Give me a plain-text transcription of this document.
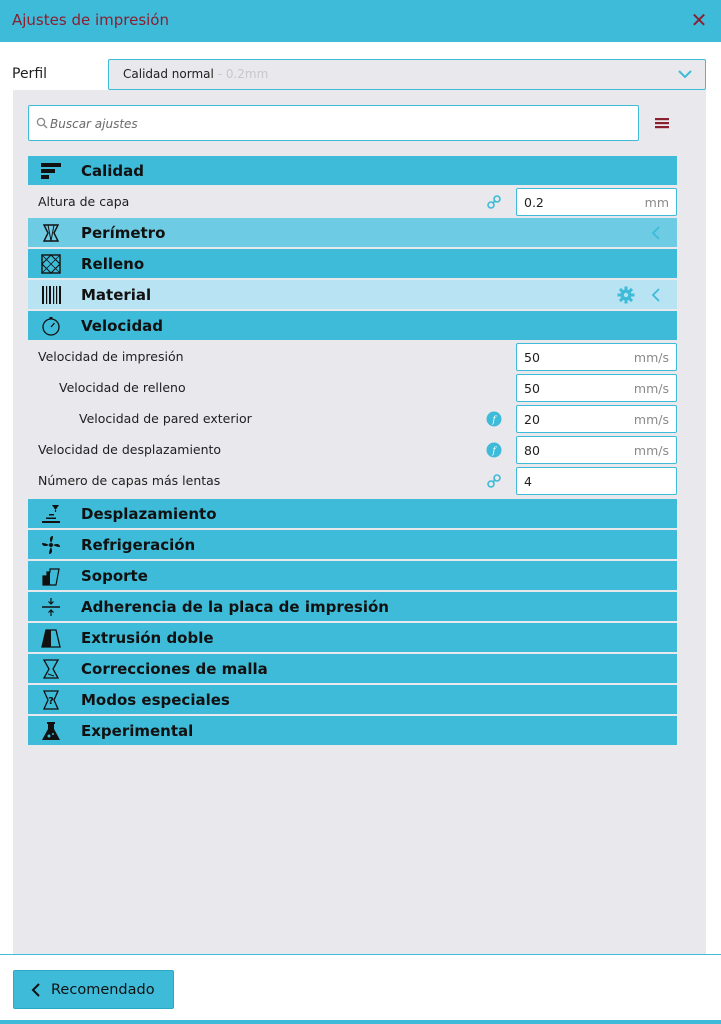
Ajustes de impresión	✕
Perfil	Calidad normal - 0.2mm
Buscar ajustes
Calidad
Altura de capa	0.2	mm
Perímetro
Relleno
Material
Velocidad
Velocidad de impresión	50	mm/s
Velocidad de relleno	50	mm/s
Velocidad de pared exterior	f 20	mm/s
Velocidad de desplazamiento	f 80	mm/s
Número de capas más lentas	4
Desplazamiento
Refrigeración
Soporte
Adherencia de la placa de impresión
Extrusión doble
Correcciones de malla
? Modos especiales
Experimental
Recomendado
